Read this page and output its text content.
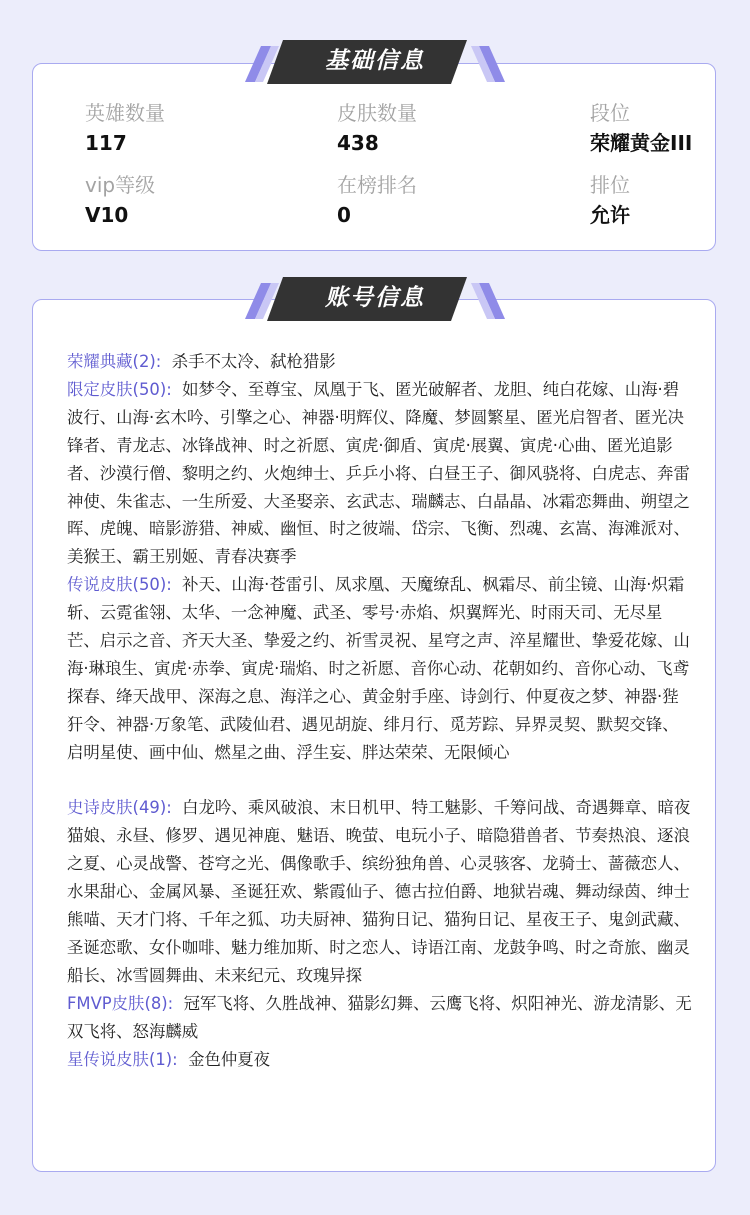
英雄数量
117
皮肤数量
438
段位
荣耀黄金III
vip等级
V10
在榜排名
0
排位
允许
基础信息

荣耀典藏(2): 杀手不太冷、弑枪猎影

限定皮肤(50): 如梦令、至尊宝、凤凰于飞、匿光破解者、龙胆、纯白花嫁、山海·碧波行、山海·玄木吟、引擎之心、神器·明辉仪、降魔、梦圆繁星、匿光启智者、匿光决锋者、青龙志、冰锋战神、时之祈愿、寅虎·御盾、寅虎·展翼、寅虎·心曲、匿光追影者、沙漠行僧、黎明之约、火炮绅士、乒乒小将、白昼王子、御风骁将、白虎志、奔雷神使、朱雀志、一生所爱、大圣娶亲、玄武志、瑞麟志、白晶晶、冰霜恋舞曲、朔望之晖、虎魄、暗影游猎、神威、幽恒、时之彼端、岱宗、飞衡、烈魂、玄嵩、海滩派对、美猴王、霸王别姬、青春决赛季

传说皮肤(50): 补天、山海·苍雷引、凤求凰、天魔缭乱、枫霜尽、前尘镜、山海·炽霜斩、云霓雀翎、太华、一念神魔、武圣、零号·赤焰、炽翼辉光、时雨天司、无尽星芒、启示之音、齐天大圣、挚爱之约、祈雪灵祝、星穹之声、淬星耀世、挚爱花嫁、山海·琳琅生、寅虎·赤拳、寅虎·瑞焰、时之祈愿、音你心动、花朝如约、音你心动、飞鸢探春、绛天战甲、深海之息、海洋之心、黄金射手座、诗剑行、仲夏夜之梦、神器·狴犴令、神器·万象笔、武陵仙君、遇见胡旋、绯月行、觅芳踪、异界灵契、默契交锋、启明星使、画中仙、燃星之曲、浮生妄、胖达荣荣、无限倾心

史诗皮肤(49): 白龙吟、乘风破浪、末日机甲、特工魅影、千筹问战、奇遇舞章、暗夜猫娘、永昼、修罗、遇见神鹿、魅语、晚萤、电玩小子、暗隐猎兽者、节奏热浪、逐浪之夏、心灵战警、苍穹之光、偶像歌手、缤纷独角兽、心灵骇客、龙骑士、蔷薇恋人、水果甜心、金属风暴、圣诞狂欢、紫霞仙子、德古拉伯爵、地狱岩魂、舞动绿茵、绅士熊喵、天才门将、千年之狐、功夫厨神、猫狗日记、猫狗日记、星夜王子、鬼剑武藏、圣诞恋歌、女仆咖啡、魅力维加斯、时之恋人、诗语江南、龙鼓争鸣、时之奇旅、幽灵船长、冰雪圆舞曲、未来纪元、玫瑰异探

FMVP皮肤(8): 冠军飞将、久胜战神、猫影幻舞、云鹰飞将、炽阳神光、游龙清影、无双飞将、怒海麟威

星传说皮肤(1): 金色仲夏夜

账号信息
